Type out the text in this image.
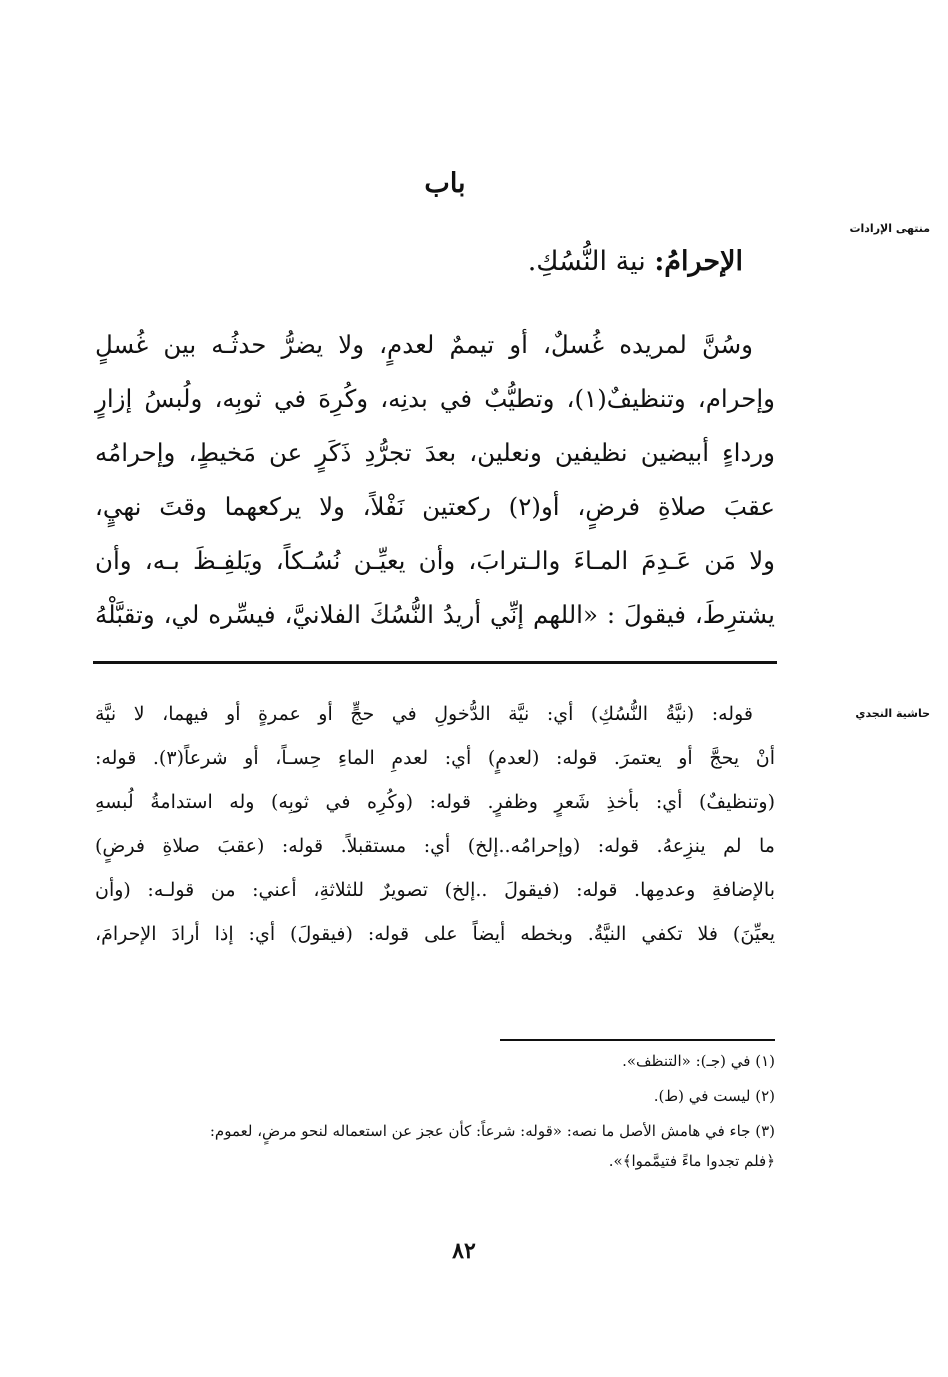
منتهى الإرادات
حاشية النجدي
باب
الإحرامُ: نية النُّسُكِ.
وسُنَّ لمريده غُسلٌ، أو تيممٌ لعدمٍ، ولا يضرُّ حدثُـه بين غُسلٍ
وإحرام، وتنظيفٌ(١)، وتطيُّبٌ في بدنِه، وكُرِهَ في ثوبِه، ولُبسُ إزارٍ
ورداءٍ أبيضين نظيفين ونعلين، بعدَ تجرُّدِ ذَكَرٍ عن مَخيطٍ، وإحرامُه
عقبَ صلاةِ فرضٍ، أو(٢) ركعتين نَفْلاً، ولا يركعهما وقتَ نهيٍ،
ولا مَن عَـدِمَ المـاءَ والـترابَ، وأن يعيِّـن نُسُـكاً، ويَلفِـظَ بـه، وأن
يشترِطَ، فيقولَ : «اللهم إنِّي أريدُ النُّسُكَ الفلانيَّ، فيسِّره لي، وتقبَّلْهُ
قوله: (نيَّةُ النُّسُكِ) أي: نيَّة الدُّخولِ في حجٍّ أو عمرةٍ أو فيهما، لا نيَّة
أنْ يحجَّ أو يعتمرَ. قوله: (لعدمٍ) أي: لعدمِ الماءِ حِسـاً، أو شرعاً(٣). قوله:
(وتنظيفٌ) أي: بأخذِ شَعرٍ وظفرٍ. قوله: (وكُرِه في ثوبِه) وله استدامةُ لُبسهِ
ما لم ينزِعهُ. قوله: (وإحرامُه..إلخ) أي: مستقبلاً. قوله: (عقبَ صلاةِ فرضٍ)
بالإضافةِ وعدمِها. قوله: (فيقولَ ..إلخ) تصويرٌ للثلاثةِ، أعني: من قولـه: (وأن
يعيِّنَ) فلا تكفي النيَّةُ. وبخطه أيضاً على قوله: (فيقولَ) أي: إذا أرادَ الإحرامَ،
(١) في (جـ): «التنظف».
(٢) ليست في (ط).
(٣) جاء في هامش الأصل ما نصه: «قوله: شرعاً: كأن عجز عن استعماله لنحو مرضٍ، لعموم:
﴿فلم تجدوا ماءً فتيمَّموا﴾».
٨٢
